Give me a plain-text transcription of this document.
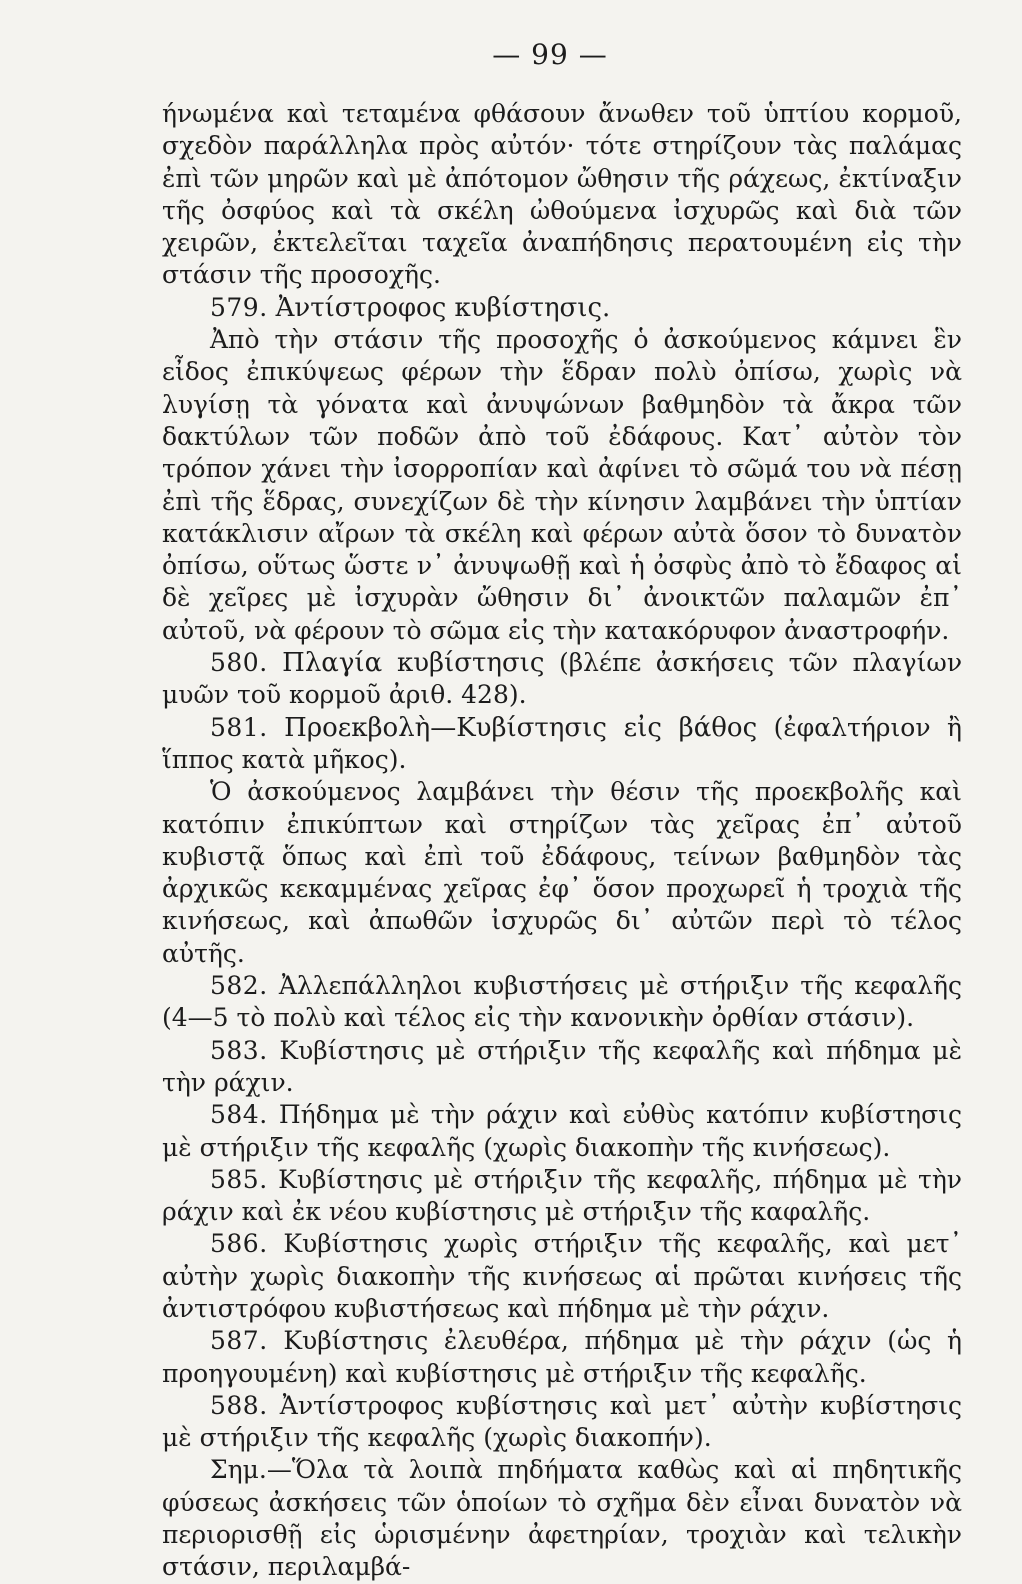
— 99 —

ήνωμένα καὶ τεταμένα φθάσουν ἄνωθεν τοῦ ὑπτίου κορμοῦ, σχεδὸν παράλληλα πρὸς αὐτόν· τότε στηρίζουν τὰς παλάμας ἐπὶ τῶν μηρῶν καὶ μὲ ἀπότομον ὤθησιν τῆς ράχεως, ἐκτίναξιν τῆς ὀσφύος καὶ τὰ σκέλη ὠθούμενα ἰσχυρῶς καὶ διὰ τῶν χειρῶν, ἐκτελεῖται ταχεῖα ἀναπήδησις περατουμένη εἰς τὴν στάσιν τῆς προσοχῆς.

579. Ἀντίστροφος κυβίστησις.

Ἀπὸ τὴν στάσιν τῆς προσοχῆς ὁ ἀσκούμενος κάμνει ἓν εἶδος ἐπικύψεως φέρων τὴν ἕδραν πολὺ ὀπίσω, χωρὶς νὰ λυγίσῃ τὰ γόνατα καὶ ἀνυψώνων βαθμηδὸν τὰ ἄκρα τῶν δακτύλων τῶν ποδῶν ἀπὸ τοῦ ἐδάφους. Κατ᾽ αὐτὸν τὸν τρόπον χάνει τὴν ἰσορροπίαν καὶ ἀφίνει τὸ σῶμά του νὰ πέσῃ ἐπὶ τῆς ἕδρας, συνεχίζων δὲ τὴν κίνησιν λαμβάνει τὴν ὑπτίαν κατάκλισιν αἴρων τὰ σκέλη καὶ φέρων αὐτὰ ὅσον τὸ δυνατὸν ὀπίσω, οὕτως ὥστε ν᾽ ἀνυψωθῇ καὶ ἡ ὀσφὺς ἀπὸ τὸ ἔδαφος αἱ δὲ χεῖρες μὲ ἰσχυρὰν ὤθησιν δι᾽ ἀνοικτῶν παλαμῶν ἐπ᾽ αὐτοῦ, νὰ φέρουν τὸ σῶμα εἰς τὴν κατακόρυφον ἀναστροφήν.

580. Πλαγία κυβίστησις (βλέπε ἀσκήσεις τῶν πλαγίων μυῶν τοῦ κορμοῦ ἀριθ. 428).

581. Προεκβολὴ—Κυβίστησις εἰς βάθος (ἐφαλτήριον ἢ ἵππος κατὰ μῆκος).

Ὁ ἀσκούμενος λαμβάνει τὴν θέσιν τῆς προεκβολῆς καὶ κατόπιν ἐπικύπτων καὶ στηρίζων τὰς χεῖρας ἐπ᾽ αὐτοῦ κυβιστᾷ ὅπως καὶ ἐπὶ τοῦ ἐδάφους, τείνων βαθμηδὸν τὰς ἀρχικῶς κεκαμμένας χεῖρας ἐφ᾽ ὅσον προχωρεῖ ἡ τροχιὰ τῆς κινήσεως, καὶ ἀπωθῶν ἰσχυρῶς δι᾽ αὐτῶν περὶ τὸ τέλος αὐτῆς.

582. Ἀλλεπάλληλοι κυβιστήσεις μὲ στήριξιν τῆς κεφαλῆς (4—5 τὸ πολὺ καὶ τέλος εἰς τὴν κανονικὴν ὀρθίαν στάσιν).

583. Κυβίστησις μὲ στήριξιν τῆς κεφαλῆς καὶ πήδημα μὲ τὴν ράχιν.

584. Πήδημα μὲ τὴν ράχιν καὶ εὐθὺς κατόπιν κυβίστησις μὲ στήριξιν τῆς κεφαλῆς (χωρὶς διακοπὴν τῆς κινήσεως).

585. Κυβίστησις μὲ στήριξιν τῆς κεφαλῆς, πήδημα μὲ τὴν ράχιν καὶ ἐκ νέου κυβίστησις μὲ στήριξιν τῆς καφαλῆς.

586. Κυβίστησις χωρὶς στήριξιν τῆς κεφαλῆς, καὶ μετ᾽ αὐτὴν χωρὶς διακοπὴν τῆς κινήσεως αἱ πρῶται κινήσεις τῆς ἀντιστρόφου κυβιστήσεως καὶ πήδημα μὲ τὴν ράχιν.

587. Κυβίστησις ἐλευθέρα, πήδημα μὲ τὴν ράχιν (ὡς ἡ προηγουμένη) καὶ κυβίστησις μὲ στήριξιν τῆς κεφαλῆς.

588. Ἀντίστροφος κυβίστησις καὶ μετ᾽ αὐτὴν κυβίστησις μὲ στήριξιν τῆς κεφαλῆς (χωρὶς διακοπήν).

Σημ.—Ὅλα τὰ λοιπὰ πηδήματα καθὼς καὶ αἱ πηδητικῆς φύσεως ἀσκήσεις τῶν ὁποίων τὸ σχῆμα δὲν εἶναι δυνατὸν νὰ περιορισθῇ εἰς ὡρισμένην ἀφετηρίαν, τροχιὰν καὶ τελικὴν στάσιν, περιλαμβά-
